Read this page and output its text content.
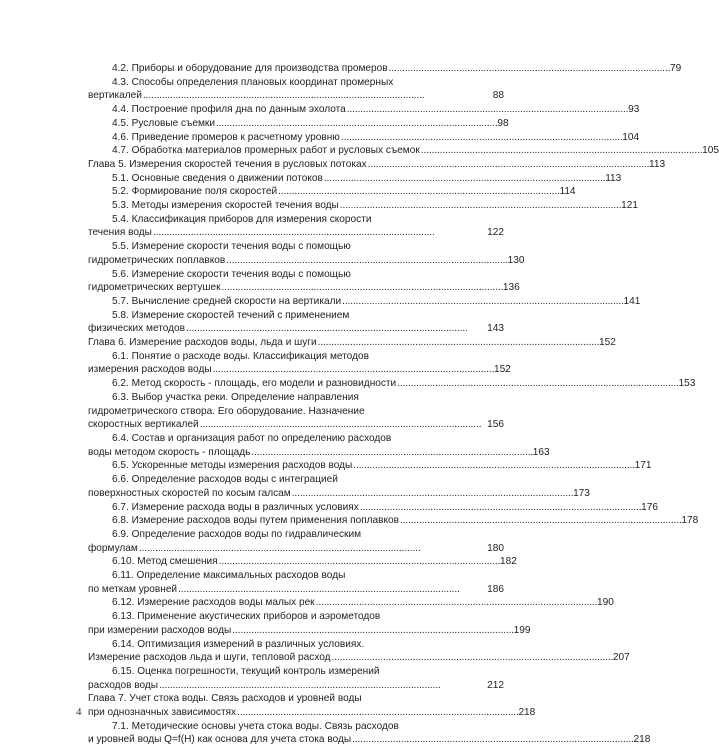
4.2. Приборы и оборудование для производства промеров . . .	79
4.3. Способы определения плановых координат промерных
вертикалей . . .	88
4.4. Построение профиля дна по данным эхолота . . .	93
4.5. Русловые съемки . . .	98
4.6. Приведение промеров к расчетному уровню . . .	104
4.7. Обработка материалов промерных работ и русловых съемок . . .	105
Глава 5. Измерения скоростей течения в русловых потоках . . .	113
5.1. Основные сведения о движении потоков . . .	113
5.2. Формирование поля скоростей . . .	114
5.3. Методы измерения скоростей течения воды . . .	121
5.4. Классификация приборов для измерения скорости
течения воды . . .	122
5.5. Измерение скорости течения воды с помощью
гидрометрических поплавков . . .	130
5.6. Измерение скорости течения воды с помощью
гидрометрических вертушек . . .	136
5.7. Вычисление средней скорости на вертикали . . .	141
5.8. Измерение скоростей течений с применением
физических методов . . .	143
Глава 6. Измерение расходов воды, льда и шуги . . .	152
6.1. Понятие о расходе воды. Классификация методов
измерения расходов воды . . .	152
6.2. Метод скорость - площадь, его модели и разновидности . . .	153
6.3. Выбор участка реки. Определение направления
гидрометрического створа. Его оборудование. Назначение
скоростных вертикалей . . .	156
6.4. Состав и организация работ по определению расходов
воды методом скорость - площадь . . .	163
6.5. Ускоренные методы измерения расходов воды . . .	171
6.6. Определение расходов воды с интеграцией
поверхностных скоростей по косым галсам . . .	173
6.7. Измерение расхода воды в различных условиях . . .	176
6.8. Измерение расходов воды путем применения поплавков . . .	178
6.9. Определение расходов воды по гидравлическим
формулам . . .	180
6.10. Метод смешения . . .	182
6.11. Определение максимальных расходов воды
по меткам уровней . . .	186
6.12. Измерение расходов воды малых рек . . .	190
6.13. Применение акустических приборов и аэрометодов
при измерении расходов воды . . .	199
6.14. Оптимизация измерений в различных условиях.
Измерение расходов льда и шуги, тепловой расход . . .	207
6.15. Оценка погрешности, текущий контроль измерений
расходов воды . . .	212
Глава 7. Учет стока воды. Связь расходов и уровней воды
при однозначных зависимостях . . .	218
7.1. Методические основы учета стока воды. Связь расходов
и уровней воды Q=f(H) как основа для учета стока воды . . .	218
4
